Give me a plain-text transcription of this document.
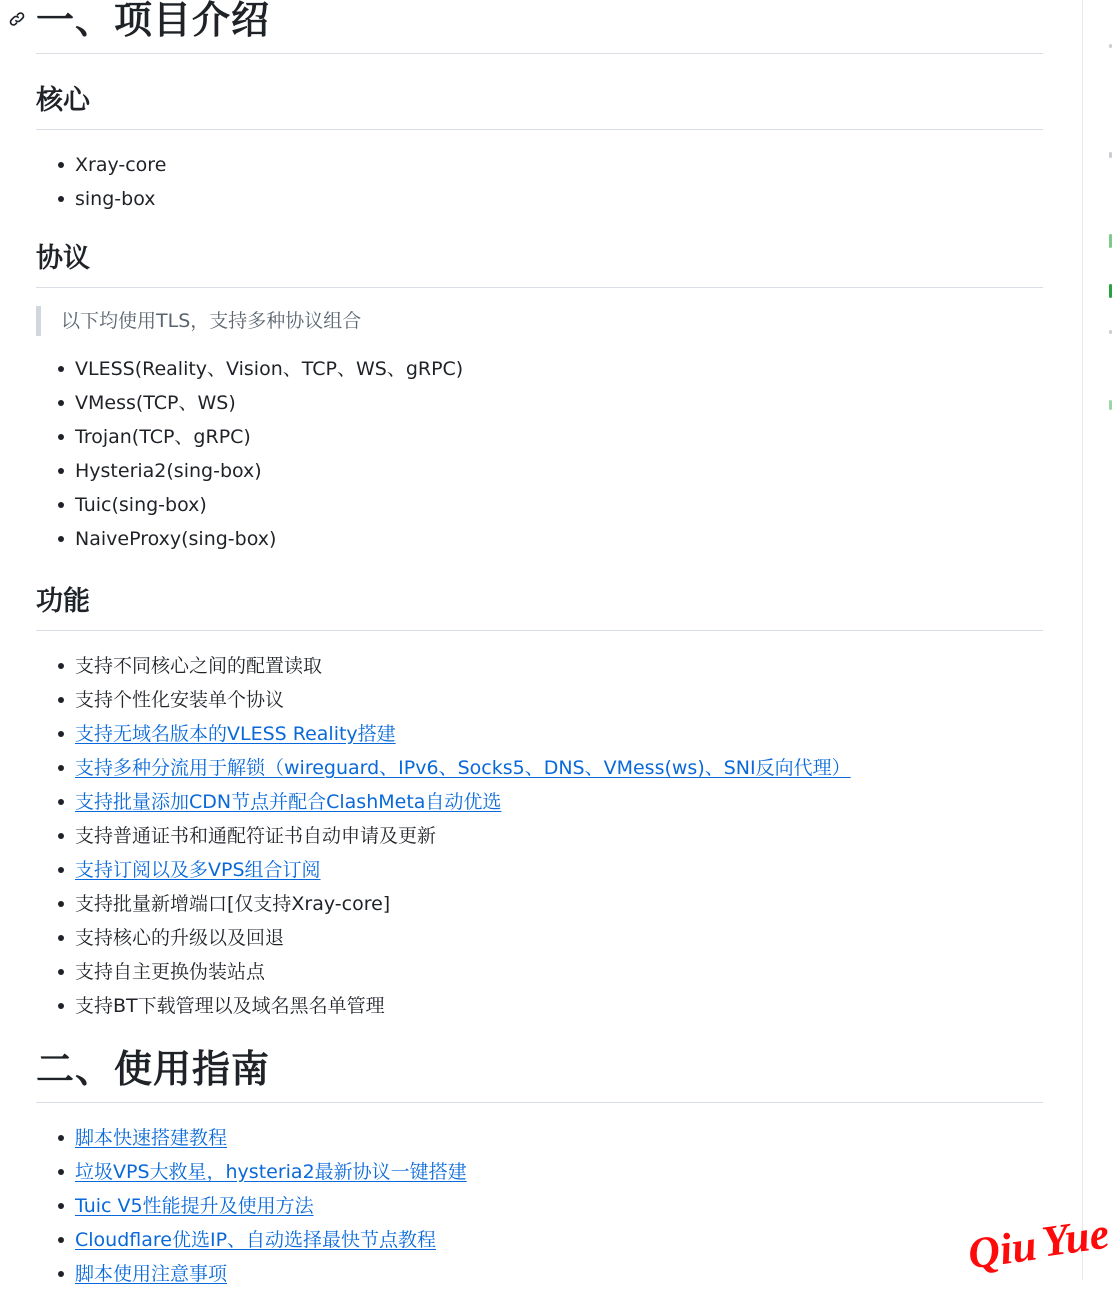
一、项目介绍
核心
Xray-core
sing-box
协议
以下均使用TLS，支持多种协议组合
VLESS(Reality、Vision、TCP、WS、gRPC)
VMess(TCP、WS)
Trojan(TCP、gRPC)
Hysteria2(sing-box)
Tuic(sing-box)
NaiveProxy(sing-box)
功能
支持不同核心之间的配置读取
支持个性化安装单个协议
支持无域名版本的VLESS Reality搭建
支持多种分流用于解锁（wireguard、IPv6、Socks5、DNS、VMess(ws)、SNI反向代理）
支持批量添加CDN节点并配合ClashMeta自动优选
支持普通证书和通配符证书自动申请及更新
支持订阅以及多VPS组合订阅
支持批量新增端口[仅支持Xray-core]
支持核心的升级以及回退
支持自主更换伪装站点
支持BT下载管理以及域名黑名单管理
二、使用指南
脚本快速搭建教程
垃圾VPS大救星，hysteria2最新协议一键搭建
Tuic V5性能提升及使用方法
Cloudflare优选IP、自动选择最快节点教程
脚本使用注意事项	Qiu Yue
